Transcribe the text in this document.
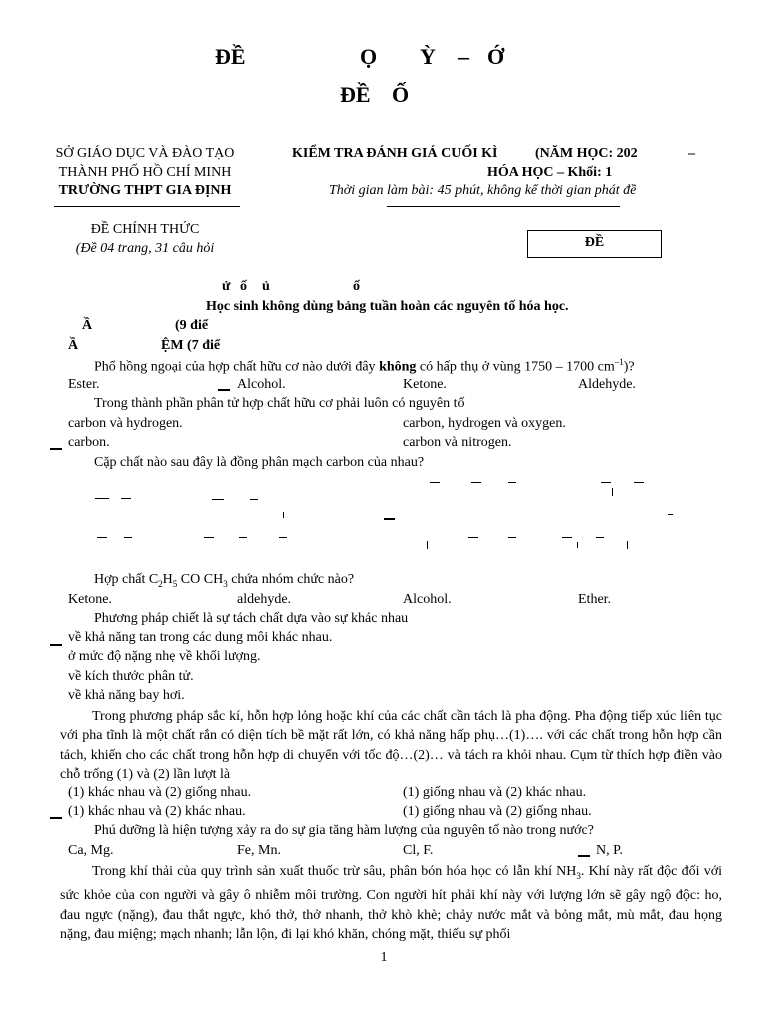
ĐỀ	Ọ Ỳ – Ớ
ĐỀ Ố
SỞ GIÁO DỤC VÀ ĐÀO TẠO
THÀNH PHỐ HỒ CHÍ MINH
TRƯỜNG THPT GIA ĐỊNH
ĐỀ CHÍNH THỨC
(Đề 04 trang, 31 câu hỏi
KIỂM TRA ĐÁNH GIÁ CUỐI KÌ	(NĂM HỌC: 202	–
HÓA HỌC – Khối: 1
Thời gian làm bài: 45 phút, không kể thời gian phát đề
ĐỀ
ử ố ủ	ố
Học sinh không dùng bảng tuần hoàn các nguyên tố hóa học.
Ầ	(9 điể
Ầ	ỆM (7 điể
Phổ hồng ngoại của hợp chất hữu cơ nào dưới đây không có hấp thụ ở vùng 1750 – 1700 $cm^{-1}$)?
Ester.	Alcohol.	Ketone.	Aldehyde.
Trong thành phần phân tử hợp chất hữu cơ phải luôn có nguyên tố
carbon và hydrogen.	carbon, hydrogen và oxygen.
carbon.	carbon và nitrogen.
Cặp chất nào sau đây là đồng phân mạch carbon của nhau?
Hợp chất $C_2H_5$ CO $CH_3$ chứa nhóm chức nào?
Ketone.	aldehyde.	Alcohol.	Ether.
Phương pháp chiết là sự tách chất dựa vào sự khác nhau
về khả năng tan trong các dung môi khác nhau.
ở mức độ nặng nhẹ về khối lượng.
về kích thước phân tử.
về khả năng bay hơi.
Trong phương pháp sắc kí, hỗn hợp lỏng hoặc khí của các chất cần tách là pha động. Pha động tiếp xúc liên tục với pha tĩnh là một chất rắn có diện tích bề mặt rất lớn, có khả năng hấp phụ…(1)…. với các chất trong hỗn hợp cần tách, khiến cho các chất trong hỗn hợp di chuyển với tốc độ…(2)… và tách ra khỏi nhau. Cụm từ thích hợp điền vào chỗ trống (1) và (2) lần lượt là
(1) khác nhau và (2) giống nhau.	(1) giống nhau và (2) khác nhau.
(1) khác nhau và (2) khác nhau.	(1) giống nhau và (2) giống nhau.
Phú dưỡng là hiện tượng xảy ra do sự gia tăng hàm lượng của nguyên tố nào trong nước?
Ca, Mg.	Fe, Mn.	Cl, F.	N, P.
Trong khí thải của quy trình sản xuất thuốc trừ sâu, phân bón hóa học có lẫn khí $NH_3$. Khí này rất độc đối với sức khỏe của con người và gây ô nhiễm môi trường. Con người hít phải khí này với lượng lớn sẽ gây ngộ độc: ho, đau ngực (nặng), đau thắt ngực, khó thở, thở nhanh, thở khò khè; chảy nước mắt và bỏng mắt, mù mắt, đau họng nặng, đau miệng; mạch nhanh; lẫn lộn, đi lại khó khăn, chóng mặt, thiếu sự phối
1
